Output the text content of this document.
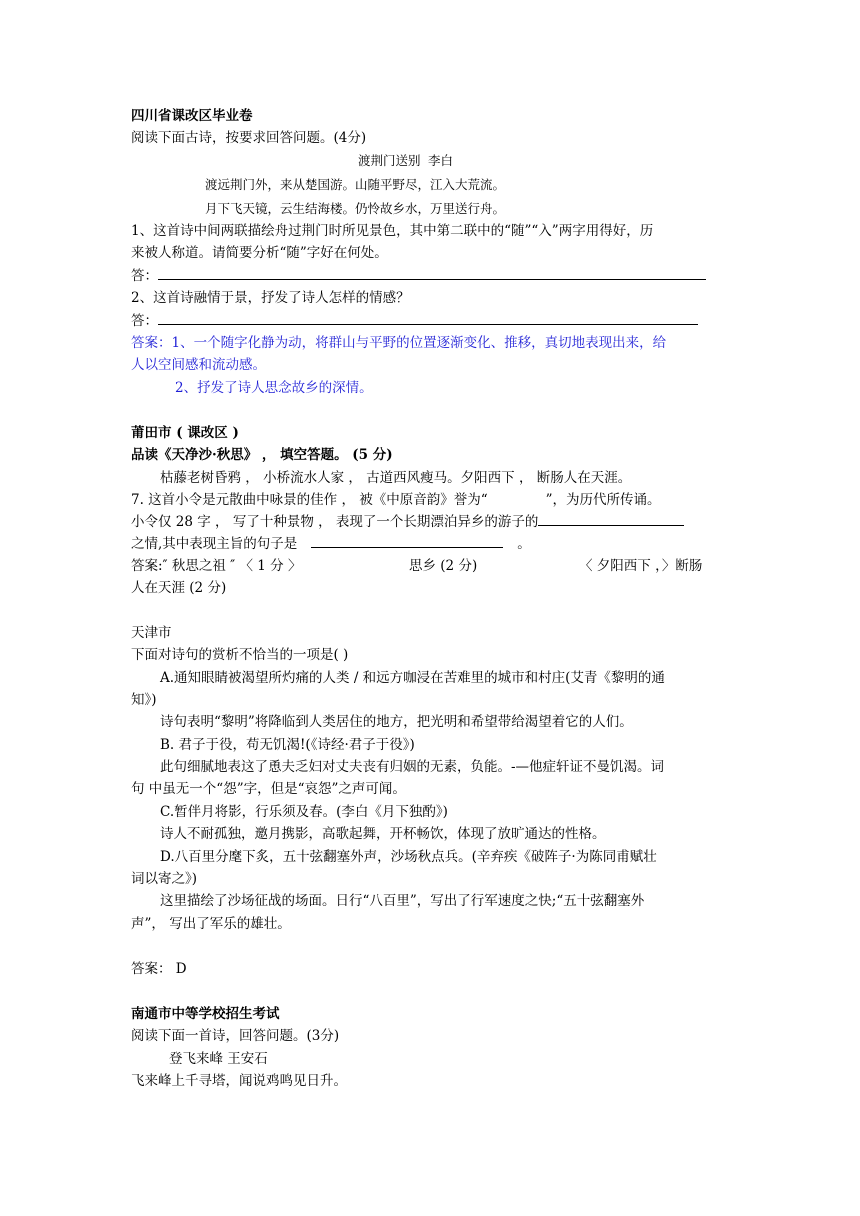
四川省课改区毕业卷
阅读下面古诗，按要求回答问题。(4分)
渡荆门送别 李白
渡远荆门外，来从楚国游。山随平野尽，江入大荒流。
月下飞天镜，云生结海楼。仍怜故乡水，万里送行舟。
1、这首诗中间两联描绘舟过荆门时所见景色，其中第二联中的“随”“入”两字用得好，历
来被人称道。请简要分析“随”字好在何处。
答：
2、这首诗融情于景，抒发了诗人怎样的情感？
答：
答案：1、一个随字化静为动，将群山与平野的位置逐渐变化、推移，真切地表现出来，给
人以空间感和流动感。
2、抒发了诗人思念故乡的深情。
莆田市 ( 课改区 )
品读《天净沙·秋思》 ， 填空答题。 (5 分)
枯藤老树昏鸦 ， 小桥流水人家 ， 古道西风瘦马。夕阳西下 ， 断肠人在天涯。
7. 这首小令是元散曲中咏景的佳作 ， 被《中原音韵》誉为“	”，为历代所传诵。
小令仅 28 字 ， 写了十种景物 ， 表现了一个长期漂泊异乡的游子的
之情,其中表现主旨的句子是	。
答案:″ 秋思之祖 ″ 〈 1 分 〉	思乡 (2 分)	〈 夕阳西下 ，〉断肠
人在天涯 (2 分)
天津市
下面对诗句的赏析不恰当的一项是( )
A.通知眼睛被渴望所灼痛的人类 / 和远方咖浸在苦难里的城市和村庄(艾青《黎明的通
知》)
诗句表明“黎明”将降临到人类居住的地方，把光明和希望带给渴望着它的人们。
B. 君子于役，苟无饥渴!(《诗经·君子于役》)
此句细腻地表这了恿夫乏妇对丈夫丧有归姻的无素，负能。-—他症轩证不曼饥渴。词
句 中虽无一个“怨”字，但是“哀怨”之声可闻。
C.暂伴月将影，行乐须及春。(李白《月下独酌》)
诗人不耐孤独，邀月携影，高歌起舞，开杯畅饮，体现了放旷通达的性格。
D.八百里分麾下炙，五十弦翻塞外声，沙场秋点兵。(辛弃疾《破阵子·为陈同甫赋壮
词以寄之》)
这里描绘了沙场征战的场面。日行“八百里”，写出了行军速度之快;“五十弦翻塞外
声”， 写出了军乐的雄壮。
答案： D
南通市中等学校招生考试
阅读下面一首诗，回答问题。(3分)
登飞来峰 王安石
飞来峰上千寻塔，闻说鸡鸣见日升。
